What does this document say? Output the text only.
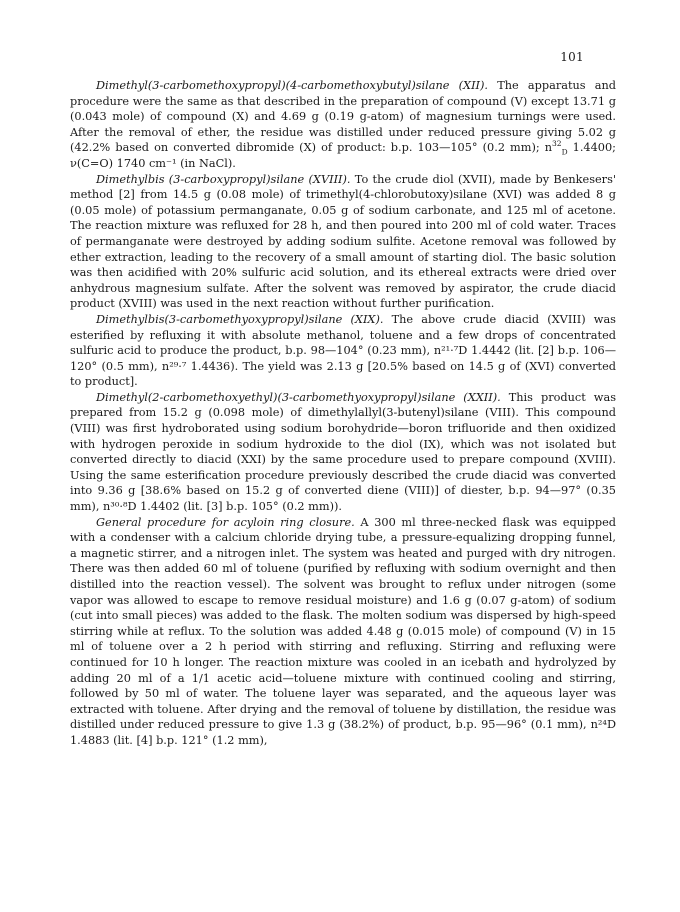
101

Dimethyl(3-carbomethoxypropyl)(4-carbomethoxybutyl)silane (XII). The apparatus and procedure were the same as that described in the preparation of compound (V) except 13.71 g (0.043 mole) of compound (X) and 4.69 g (0.19 g-atom) of magnesium turnings were used. After the removal of ether, the residue was distilled under reduced pressure giving 5.02 g (42.2% based on converted dibromide (X) of product: b.p. 103—105° (0.2 mm); $n^{32}_D$ 1.4400; ν(C=O) 1740 cm⁻¹ (in NaCl).

Dimethylbis (3-carboxypropyl)silane (XVIII). To the crude diol (XVII), made by Benkesers' method [2] from 14.5 g (0.08 mole) of trimethyl(4-chlorobutoxy)silane (XVI) was added 8 g (0.05 mole) of potassium permanganate, 0.05 g of sodium carbonate, and 125 ml of acetone. The reaction mixture was refluxed for 28 h, and then poured into 200 ml of cold water. Traces of permanganate were destroyed by adding sodium sulfite. Acetone removal was followed by ether extraction, leading to the recovery of a small amount of starting diol. The basic solution was then acidified with 20% sulfuric acid solution, and its ethereal extracts were dried over anhydrous magnesium sulfate. After the solvent was removed by aspirator, the crude diacid product (XVIII) was used in the next reaction without further purification.

Dimethylbis(3-carbomethyoxypropyl)silane (XIX). The above crude diacid (XVIII) was esterified by refluxing it with absolute methanol, toluene and a few drops of concentrated sulfuric acid to produce the product, b.p. 98—104° (0.23 mm), n²¹·⁷D 1.4442 (lit. [2] b.p. 106—120° (0.5 mm), n²⁹·⁷ 1.4436). The yield was 2.13 g [20.5% based on 14.5 g of (XVI) converted to product].

Dimethyl(2-carbomethoxyethyl)(3-carbomethyoxypropyl)silane (XXII). This product was prepared from 15.2 g (0.098 mole) of dimethylallyl(3-butenyl)silane (VIII). This compound (VIII) was first hydroborated using sodium borohydride—boron trifluoride and then oxidized with hydrogen peroxide in sodium hydroxide to the diol (IX), which was not isolated but converted directly to diacid (XXI) by the same procedure used to prepare compound (XVIII). Using the same esterification procedure previously described the crude diacid was converted into 9.36 g [38.6% based on 15.2 g of converted diene (VIII)] of diester, b.p. 94—97° (0.35 mm), n³⁰·⁸D 1.4402 (lit. [3] b.p. 105° (0.2 mm)).

General procedure for acyloin ring closure. A 300 ml three-necked flask was equipped with a condenser with a calcium chloride drying tube, a pressure-equalizing dropping funnel, a magnetic stirrer, and a nitrogen inlet. The system was heated and purged with dry nitrogen. There was then added 60 ml of toluene (purified by refluxing with sodium overnight and then distilled into the reaction vessel). The solvent was brought to reflux under nitrogen (some vapor was allowed to escape to remove residual moisture) and 1.6 g (0.07 g-atom) of sodium (cut into small pieces) was added to the flask. The molten sodium was dispersed by high-speed stirring while at reflux. To the solution was added 4.48 g (0.015 mole) of compound (V) in 15 ml of toluene over a 2 h period with stirring and refluxing. Stirring and refluxing were continued for 10 h longer. The reaction mixture was cooled in an icebath and hydrolyzed by adding 20 ml of a 1/1 acetic acid—toluene mixture with continued cooling and stirring, followed by 50 ml of water. The toluene layer was separated, and the aqueous layer was extracted with toluene. After drying and the removal of toluene by distillation, the residue was distilled under reduced pressure to give 1.3 g (38.2%) of product, b.p. 95—96° (0.1 mm), n²⁴D 1.4883 (lit. [4] b.p. 121° (1.2 mm),
